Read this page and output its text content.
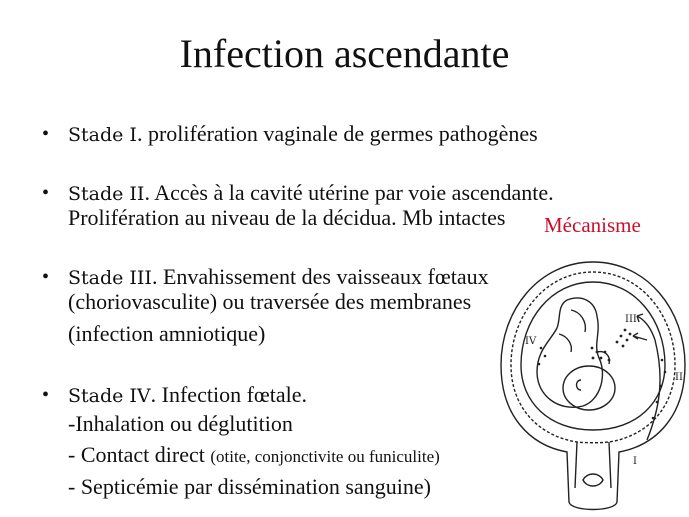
Infection ascendante
• Stade I. prolifération vaginale de germes pathogènes
• Stade II. Accès à la cavité utérine par voie ascendante.
Prolifération au niveau de la décidua. Mb intactes
• Stade III. Envahissement des vaisseaux fœtaux
(choriovasculite) ou traversée des membranes
(infection amniotique)
• Stade IV. Infection fœtale.
-Inhalation ou déglutition
- Contact direct (otite, conjonctivite ou funiculite)
- Septicémie par dissémination sanguine)
Mécanisme
III
IV
II
I
